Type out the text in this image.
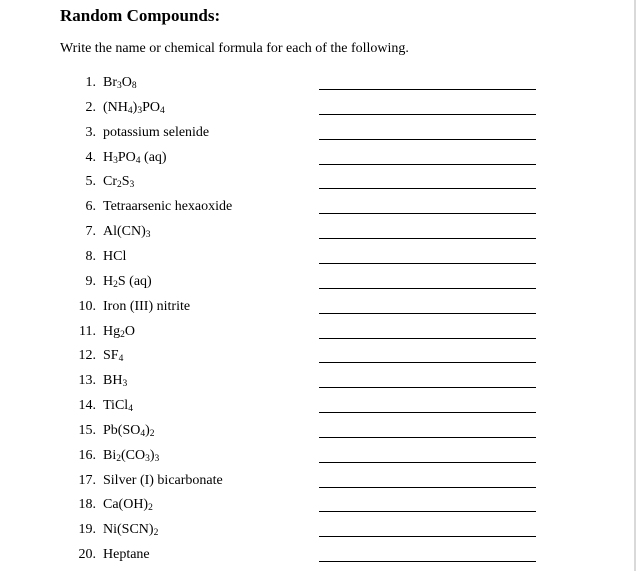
Random Compounds:
Write the name or chemical formula for each of the following.
1. $Br_3O_8$
2. $(NH_4)_3PO_4$
3. potassium selenide
4. $H_3PO_4$ (aq)
5. $Cr_2S_3$
6. Tetraarsenic hexaoxide
7. $Al(CN)_3$
8. HCl
9. $H_2S$ (aq)
10. Iron (III) nitrite
11. $Hg_2O$
12. $SF_4$
13. $BH_3$
14. TiCl$_4$
15. $Pb(SO_4)_2$
16. $Bi_2(CO_3)_3$
17. Silver (I) bicarbonate
18. $Ca(OH)_2$
19. $Ni(SCN)_2$
20. Heptane
